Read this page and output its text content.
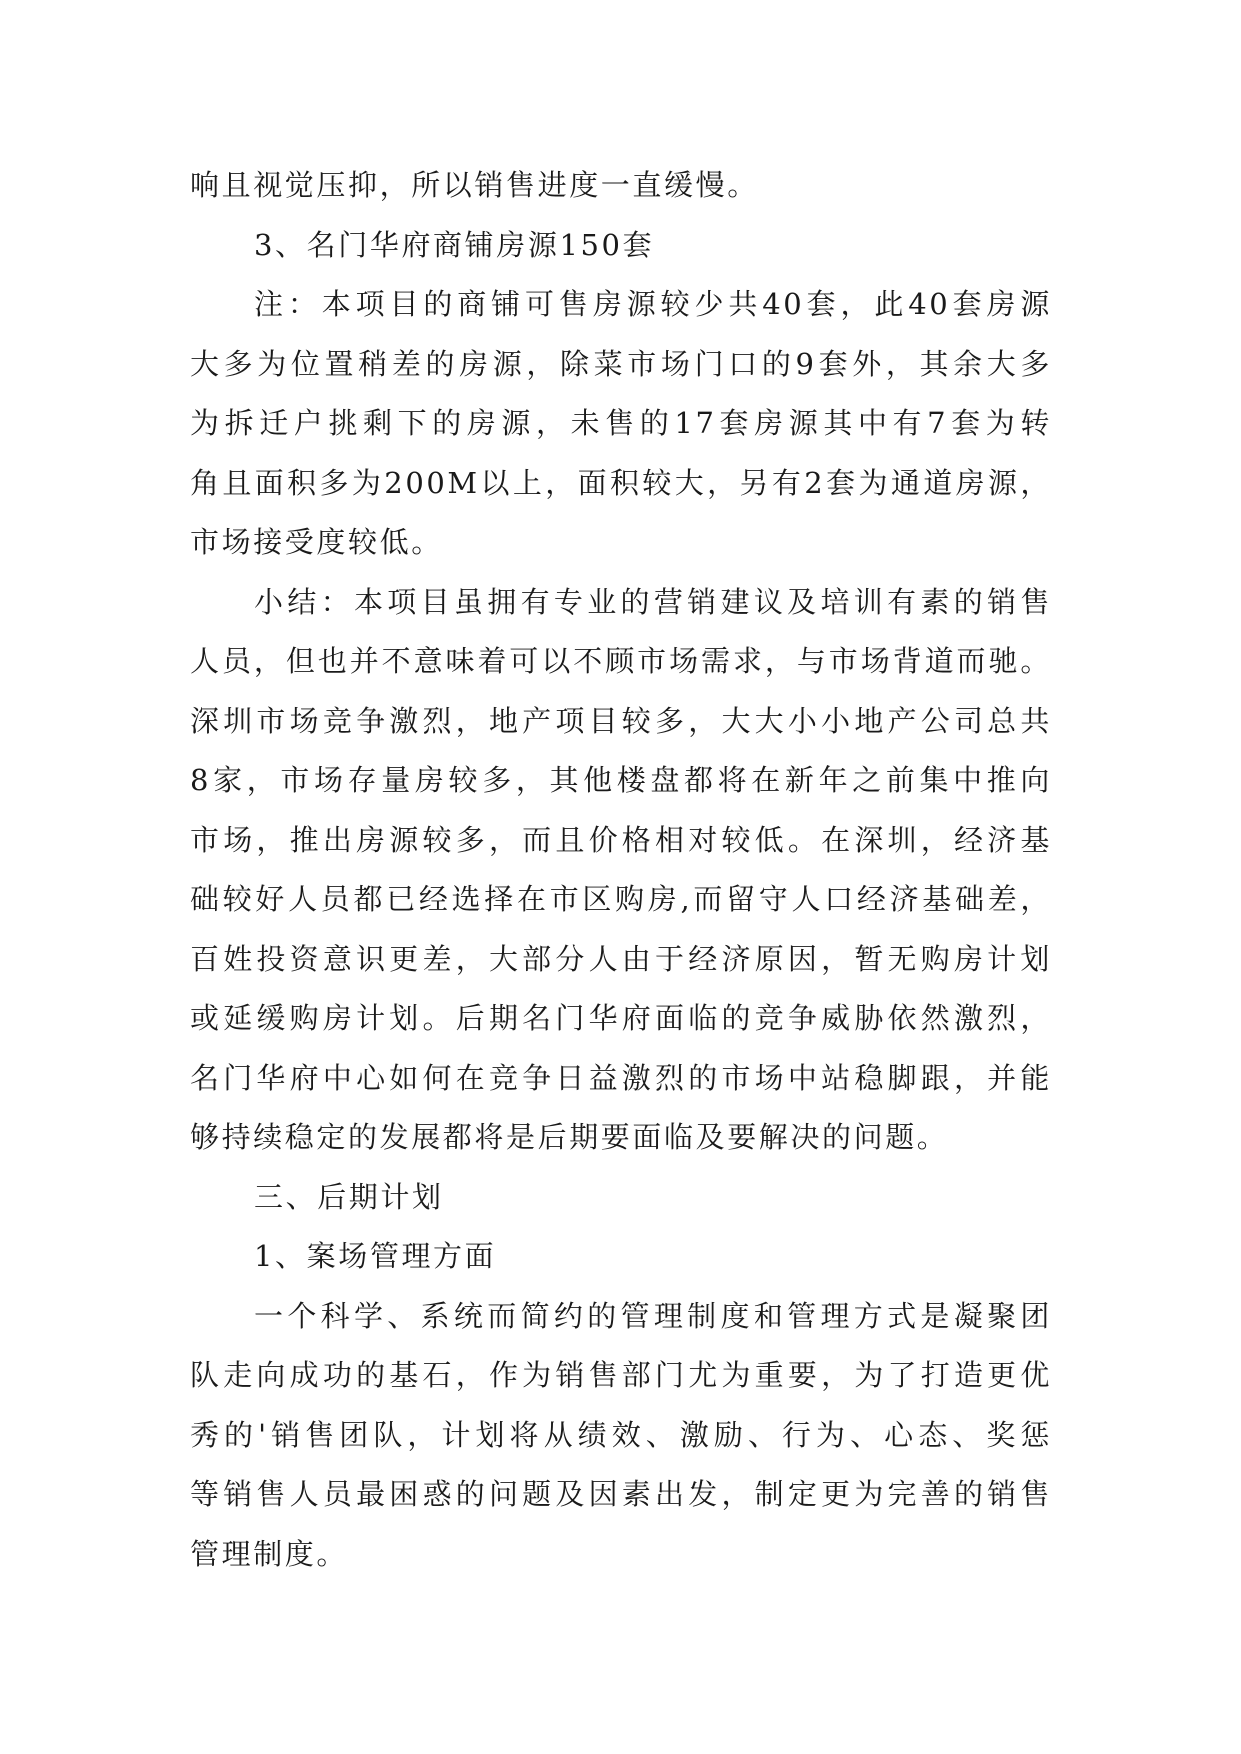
响且视觉压抑，所以销售进度一直缓慢。
3、名门华府商铺房源150套
注：本项目的商铺可售房源较少共40套，此40套房源
大多为位置稍差的房源，除菜市场门口的9套外，其余大多
为拆迁户挑剩下的房源，未售的17套房源其中有7套为转
角且面积多为200M以上，面积较大，另有2套为通道房源，
市场接受度较低。
小结：本项目虽拥有专业的营销建议及培训有素的销售
人员，但也并不意味着可以不顾市场需求，与市场背道而驰。
深圳市场竞争激烈，地产项目较多，大大小小地产公司总共
8家，市场存量房较多，其他楼盘都将在新年之前集中推向
市场，推出房源较多，而且价格相对较低。在深圳，经济基
础较好人员都已经选择在市区购房,而留守人口经济基础差，
百姓投资意识更差，大部分人由于经济原因，暂无购房计划
或延缓购房计划。后期名门华府面临的竞争威胁依然激烈，
名门华府中心如何在竞争日益激烈的市场中站稳脚跟，并能
够持续稳定的发展都将是后期要面临及要解决的问题。
三、后期计划
1、案场管理方面
一个科学、系统而简约的管理制度和管理方式是凝聚团
队走向成功的基石，作为销售部门尤为重要，为了打造更优
秀的'销售团队，计划将从绩效、激励、行为、心态、奖惩
等销售人员最困惑的问题及因素出发，制定更为完善的销售
管理制度。
